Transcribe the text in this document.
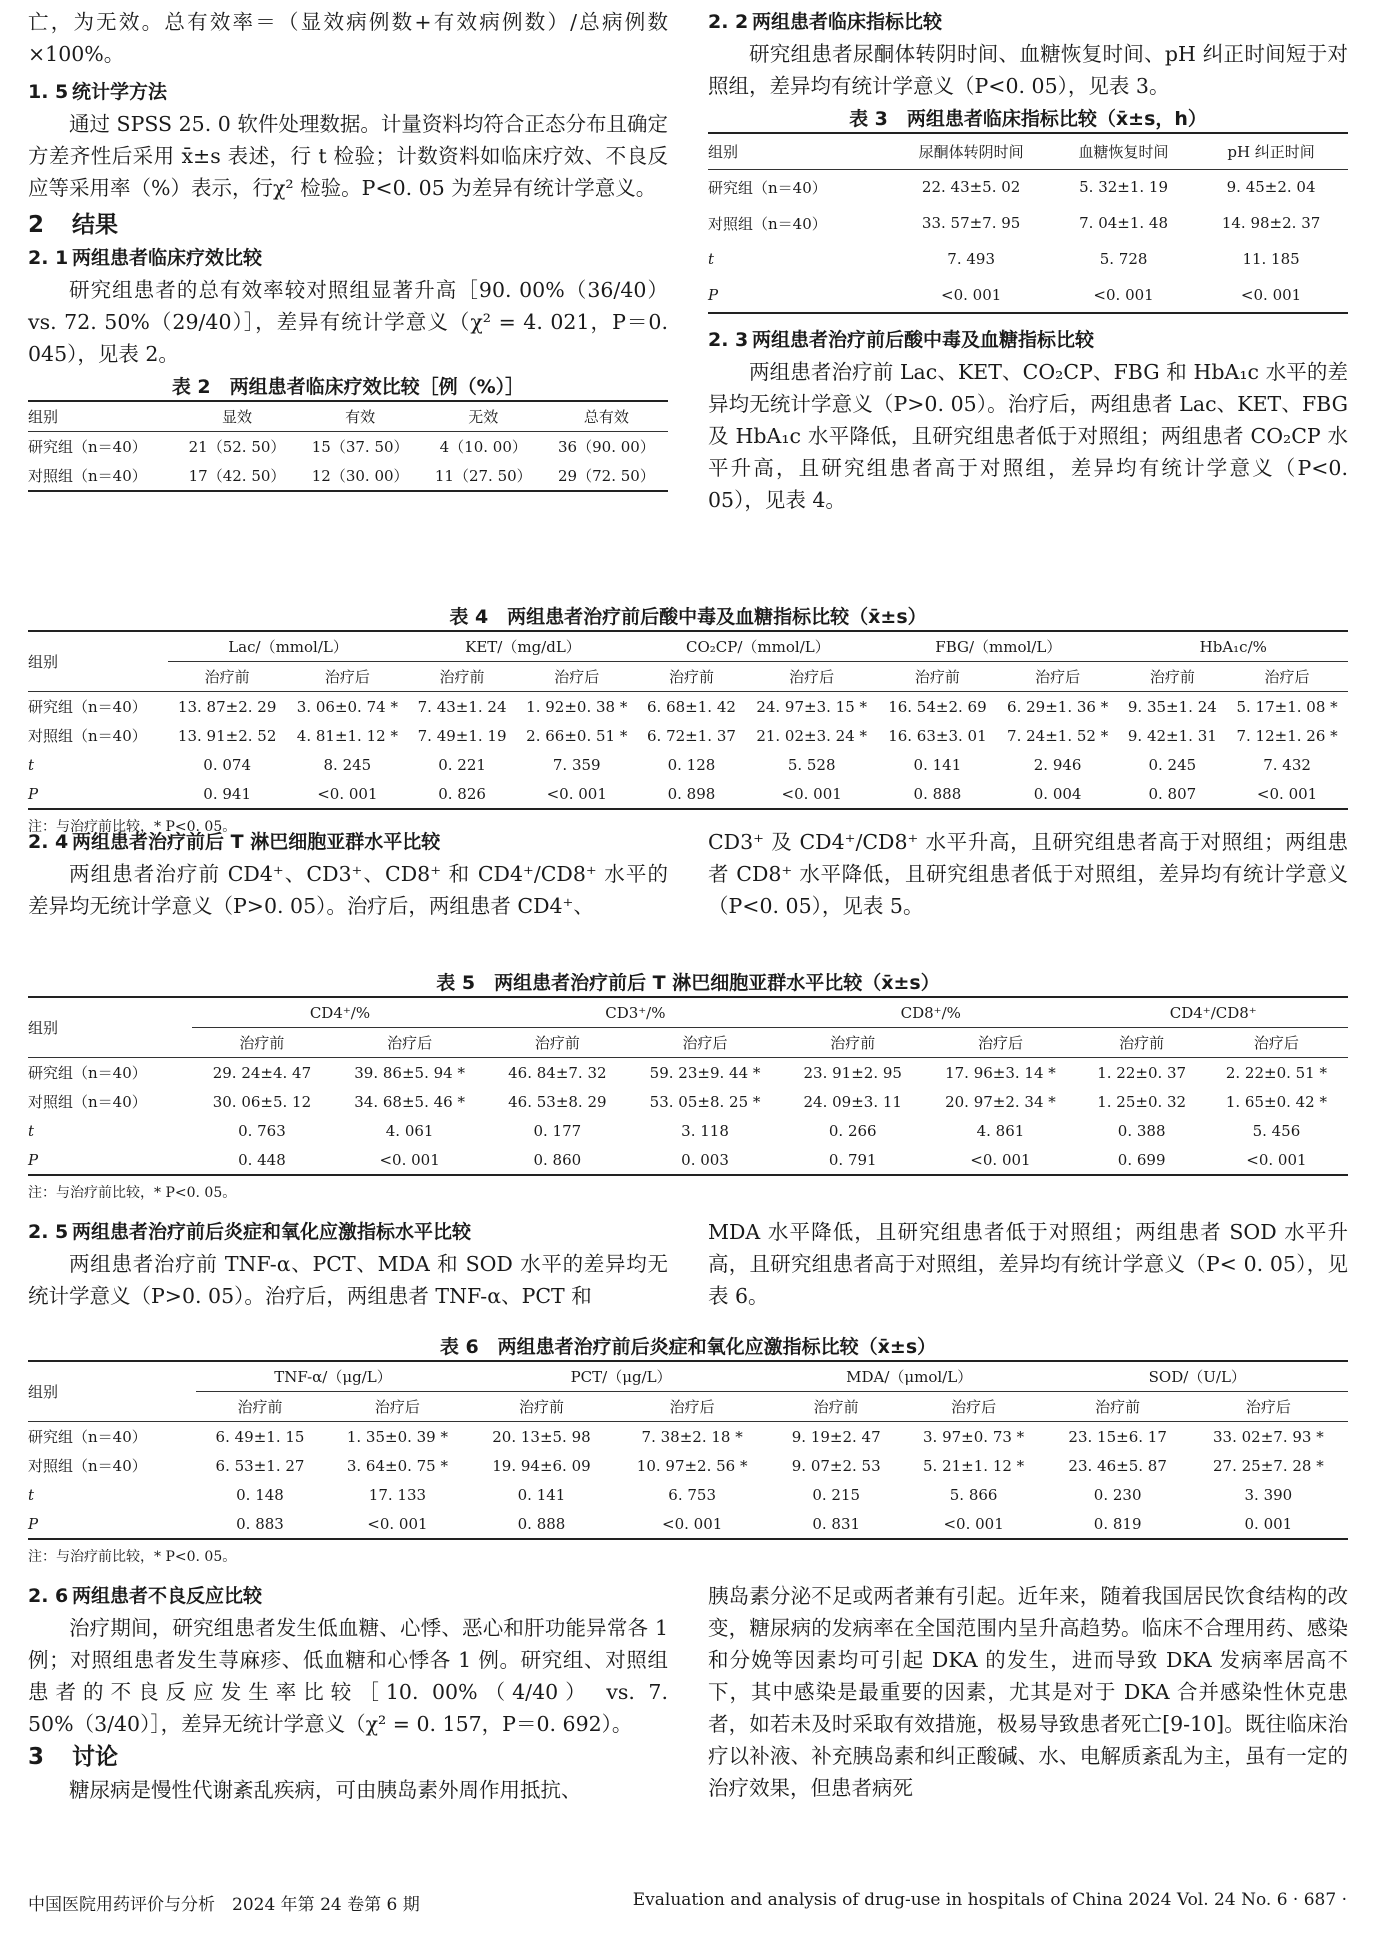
亡，为无效。总有效率＝（显效病例数+有效病例数）/总病例数×100%。

1. 5 统计学方法

通过 SPSS 25. 0 软件处理数据。计量资料均符合正态分布且确定方差齐性后采用 x̄±s 表述，行 t 检验；计数资料如临床疗效、不良反应等采用率（%）表示，行χ² 检验。P<0. 05 为差异有统计学意义。

2 结果
2. 1 两组患者临床疗效比较

研究组患者的总有效率较对照组显著升高［90. 00%（36/40） vs. 72. 50%（29/40）］，差异有统计学意义（χ² = 4. 021，P＝0. 045），见表 2。

表 2　两组患者临床疗效比较［例（%）］
组别	显效	有效	无效	总有效
研究组（n＝40）	21（52. 50）	15（37. 50）	4（10. 00）	36（90. 00）
对照组（n＝40）	17（42. 50）	12（30. 00）	11（27. 50）	29（72. 50）
2. 2 两组患者临床指标比较

研究组患者尿酮体转阴时间、血糖恢复时间、pH 纠正时间短于对照组，差异均有统计学意义（P<0. 05），见表 3。

表 3　两组患者临床指标比较（x̄±s，h）
组别	尿酮体转阴时间	血糖恢复时间	pH 纠正时间
研究组（n＝40）	22. 43±5. 02	5. 32±1. 19	9. 45±2. 04
对照组（n＝40）	33. 57±7. 95	7. 04±1. 48	14. 98±2. 37
t	7. 493	5. 728	11. 185
P	<0. 001	<0. 001	<0. 001
2. 3 两组患者治疗前后酸中毒及血糖指标比较

两组患者治疗前 Lac、KET、CO₂CP、FBG 和 HbA₁c 水平的差异均无统计学意义（P>0. 05）。治疗后，两组患者 Lac、KET、FBG 及 HbA₁c 水平降低，且研究组患者低于对照组；两组患者 CO₂CP 水平升高，且研究组患者高于对照组，差异均有统计学意义（P<0. 05），见表 4。

表 4　两组患者治疗前后酸中毒及血糖指标比较（x̄±s）
组别	Lac/（mmol/L）		KET/（mg/dL）		CO₂CP/（mmol/L）		FBG/（mmol/L）		HbA₁c/%	
	治疗前	治疗后	治疗前	治疗后	治疗前	治疗后	治疗前	治疗后	治疗前	治疗后
研究组（n＝40）	13. 87±2. 29	3. 06±0. 74 *	7. 43±1. 24	1. 92±0. 38 *	6. 68±1. 42	24. 97±3. 15 *	16. 54±2. 69	6. 29±1. 36 *	9. 35±1. 24	5. 17±1. 08 *
对照组（n＝40）	13. 91±2. 52	4. 81±1. 12 *	7. 49±1. 19	2. 66±0. 51 *	6. 72±1. 37	21. 02±3. 24 *	16. 63±3. 01	7. 24±1. 52 *	9. 42±1. 31	7. 12±1. 26 *
t	0. 074	8. 245	0. 221	7. 359	0. 128	5. 528	0. 141	2. 946	0. 245	7. 432
P	0. 941	<0. 001	0. 826	<0. 001	0. 898	<0. 001	0. 888	0. 004	0. 807	<0. 001
注：与治疗前比较，* P<0. 05。
2. 4 两组患者治疗前后 T 淋巴细胞亚群水平比较

两组患者治疗前 CD4⁺、CD3⁺、CD8⁺ 和 CD4⁺/CD8⁺ 水平的差异均无统计学意义（P>0. 05）。治疗后，两组患者 CD4⁺、

CD3⁺ 及 CD4⁺/CD8⁺ 水平升高，且研究组患者高于对照组；两组患者 CD8⁺ 水平降低，且研究组患者低于对照组，差异均有统计学意义（P<0. 05），见表 5。

表 5　两组患者治疗前后 T 淋巴细胞亚群水平比较（x̄±s）
组别	CD4⁺/%		CD3⁺/%		CD8⁺/%		CD4⁺/CD8⁺	
	治疗前	治疗后	治疗前	治疗后	治疗前	治疗后	治疗前	治疗后
研究组（n＝40）	29. 24±4. 47	39. 86±5. 94 *	46. 84±7. 32	59. 23±9. 44 *	23. 91±2. 95	17. 96±3. 14 *	1. 22±0. 37	2. 22±0. 51 *
对照组（n＝40）	30. 06±5. 12	34. 68±5. 46 *	46. 53±8. 29	53. 05±8. 25 *	24. 09±3. 11	20. 97±2. 34 *	1. 25±0. 32	1. 65±0. 42 *
t	0. 763	4. 061	0. 177	3. 118	0. 266	4. 861	0. 388	5. 456
P	0. 448	<0. 001	0. 860	0. 003	0. 791	<0. 001	0. 699	<0. 001
注：与治疗前比较，* P<0. 05。
2. 5 两组患者治疗前后炎症和氧化应激指标水平比较

两组患者治疗前 TNF-α、PCT、MDA 和 SOD 水平的差异均无统计学意义（P>0. 05）。治疗后，两组患者 TNF-α、PCT 和

MDA 水平降低，且研究组患者低于对照组；两组患者 SOD 水平升高，且研究组患者高于对照组，差异均有统计学意义（P< 0. 05），见表 6。

表 6　两组患者治疗前后炎症和氧化应激指标比较（x̄±s）
组别	TNF-α/（μg/L）		PCT/（μg/L）		MDA/（μmol/L）		SOD/（U/L）	
	治疗前	治疗后	治疗前	治疗后	治疗前	治疗后	治疗前	治疗后
研究组（n＝40）	6. 49±1. 15	1. 35±0. 39 *	20. 13±5. 98	7. 38±2. 18 *	9. 19±2. 47	3. 97±0. 73 *	23. 15±6. 17	33. 02±7. 93 *
对照组（n＝40）	6. 53±1. 27	3. 64±0. 75 *	19. 94±6. 09	10. 97±2. 56 *	9. 07±2. 53	5. 21±1. 12 *	23. 46±5. 87	27. 25±7. 28 *
t	0. 148	17. 133	0. 141	6. 753	0. 215	5. 866	0. 230	3. 390
P	0. 883	<0. 001	0. 888	<0. 001	0. 831	<0. 001	0. 819	0. 001
注：与治疗前比较，* P<0. 05。
2. 6 两组患者不良反应比较

治疗期间，研究组患者发生低血糖、心悸、恶心和肝功能异常各 1 例；对照组患者发生荨麻疹、低血糖和心悸各 1 例。研究组、对照组患者的不良反应发生率比较［10. 00%（4/40） vs. 7. 50%（3/40）］，差异无统计学意义（χ² = 0. 157，P＝0. 692）。

3 讨论

糖尿病是慢性代谢紊乱疾病，可由胰岛素外周作用抵抗、

胰岛素分泌不足或两者兼有引起。近年来，随着我国居民饮食结构的改变，糖尿病的发病率在全国范围内呈升高趋势。临床不合理用药、感染和分娩等因素均可引起 DKA 的发生，进而导致 DKA 发病率居高不下，其中感染是最重要的因素，尤其是对于 DKA 合并感染性休克患者，如若未及时采取有效措施，极易导致患者死亡[9-10]。既往临床治疗以补液、补充胰岛素和纠正酸碱、水、电解质紊乱为主，虽有一定的治疗效果，但患者病死

中国医院用药评价与分析　2024 年第 24 卷第 6 期	Evaluation and analysis of drug-use in hospitals of China 2024 Vol. 24 No. 6 · 687 ·
